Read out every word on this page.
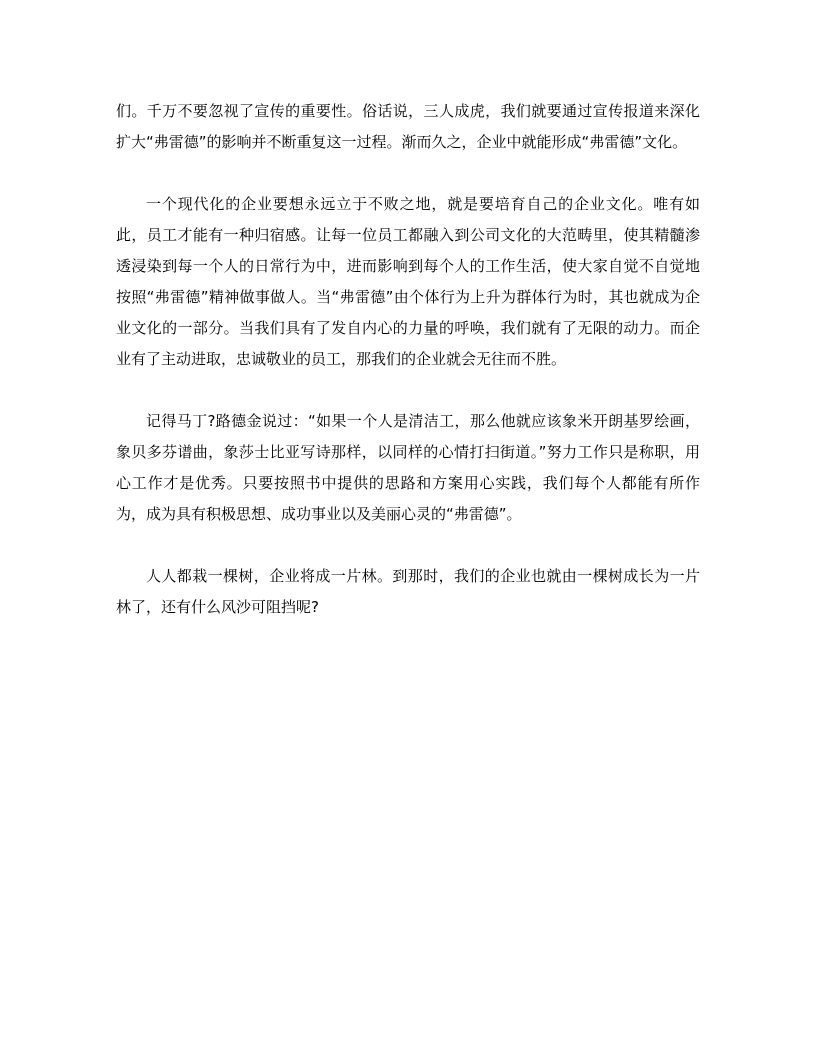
们。千万不要忽视了宣传的重要性。俗话说，三人成虎，我们就要通过宣传报道来深化扩大“弗雷德”的影响并不断重复这一过程。渐而久之，企业中就能形成“弗雷德”文化。

一个现代化的企业要想永远立于不败之地，就是要培育自己的企业文化。唯有如此，员工才能有一种归宿感。让每一位员工都融入到公司文化的大范畴里，使其精髓渗透浸染到每一个人的日常行为中，进而影响到每个人的工作生活，使大家自觉不自觉地按照“弗雷德”精神做事做人。当“弗雷德”由个体行为上升为群体行为时，其也就成为企业文化的一部分。当我们具有了发自内心的力量的呼唤，我们就有了无限的动力。而企业有了主动进取，忠诚敬业的员工，那我们的企业就会无往而不胜。

记得马丁?路德金说过：“如果一个人是清洁工，那么他就应该象米开朗基罗绘画，象贝多芬谱曲，象莎士比亚写诗那样，以同样的心情打扫街道。”努力工作只是称职，用心工作才是优秀。只要按照书中提供的思路和方案用心实践，我们每个人都能有所作为，成为具有积极思想、成功事业以及美丽心灵的“弗雷德”。

人人都栽一棵树，企业将成一片林。到那时，我们的企业也就由一棵树成长为一片林了，还有什么风沙可阻挡呢?
